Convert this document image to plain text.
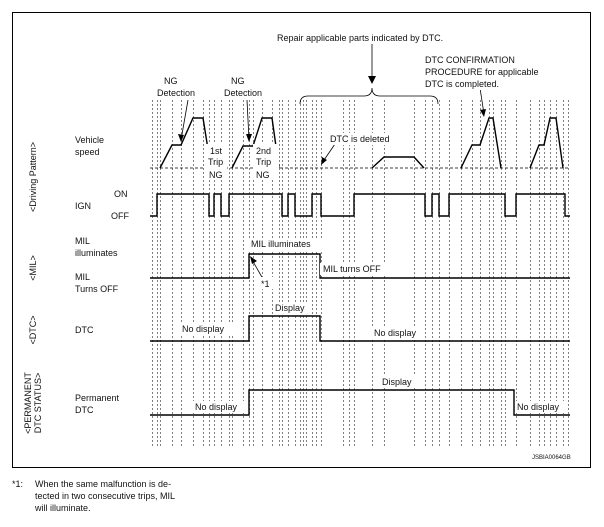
<Driving Pattern>
<MIL>
<DTC>
<PERMANENT DTC STATUS>
Vehicle
speed
IGN
ON
OFF
MIL
illuminates
MIL
Turns OFF
DTC
Permanent
DTC
Repair applicable parts indicated by DTC.
DTC CONFIRMATION
PROCEDURE for applicable
DTC is completed.
NG
Detection
NG
Detection
1st
Trip
NG
2nd
Trip
NG
DTC is deleted
MIL illuminates
*1
MIL turns OFF
Display
No display	No display
Display
No display	No display
JSBIA0064GB
*1: When the same malfunction is de-
tected in two consecutive trips, MIL
will illuminate.
